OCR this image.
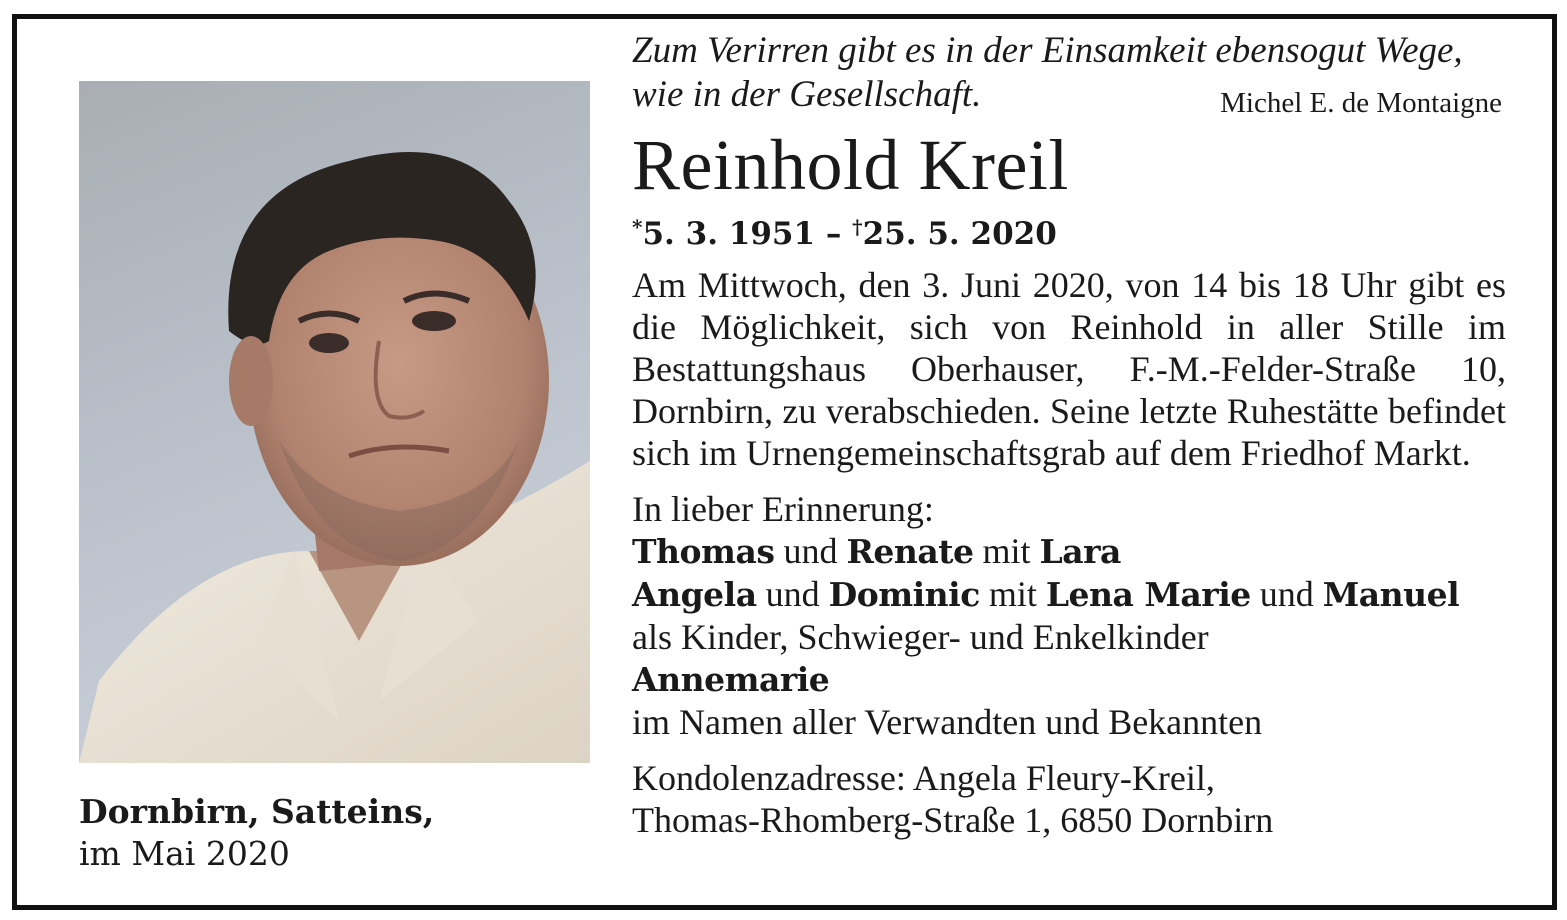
Dornbirn, Satteins,
im Mai 2020
Zum Verirren gibt es in der Einsamkeit ebensogut Wege,
wie in der Gesellschaft.	Michel E. de Montaigne
Reinhold Kreil
*5. 3. 1951 – †25. 5. 2020
Am Mittwoch, den 3. Juni 2020, von 14 bis 18 Uhr gibt es die Möglichkeit, sich von Reinhold in aller Stille im Bestattungshaus Oberhauser, F.-M.-Felder-Straße 10, Dornbirn, zu verabschieden. Seine letzte Ruhestätte befindet sich im Urnengemeinschaftsgrab auf dem Friedhof Markt.
In lieber Erinnerung:
Thomas und Renate mit Lara
Angela und Dominic mit Lena Marie und Manuel
als Kinder, Schwieger- und Enkelkinder
Annemarie
im Namen aller Verwandten und Bekannten
Kondolenzadresse: Angela Fleury-Kreil,
Thomas-Rhomberg-Straße 1, 6850 Dornbirn
